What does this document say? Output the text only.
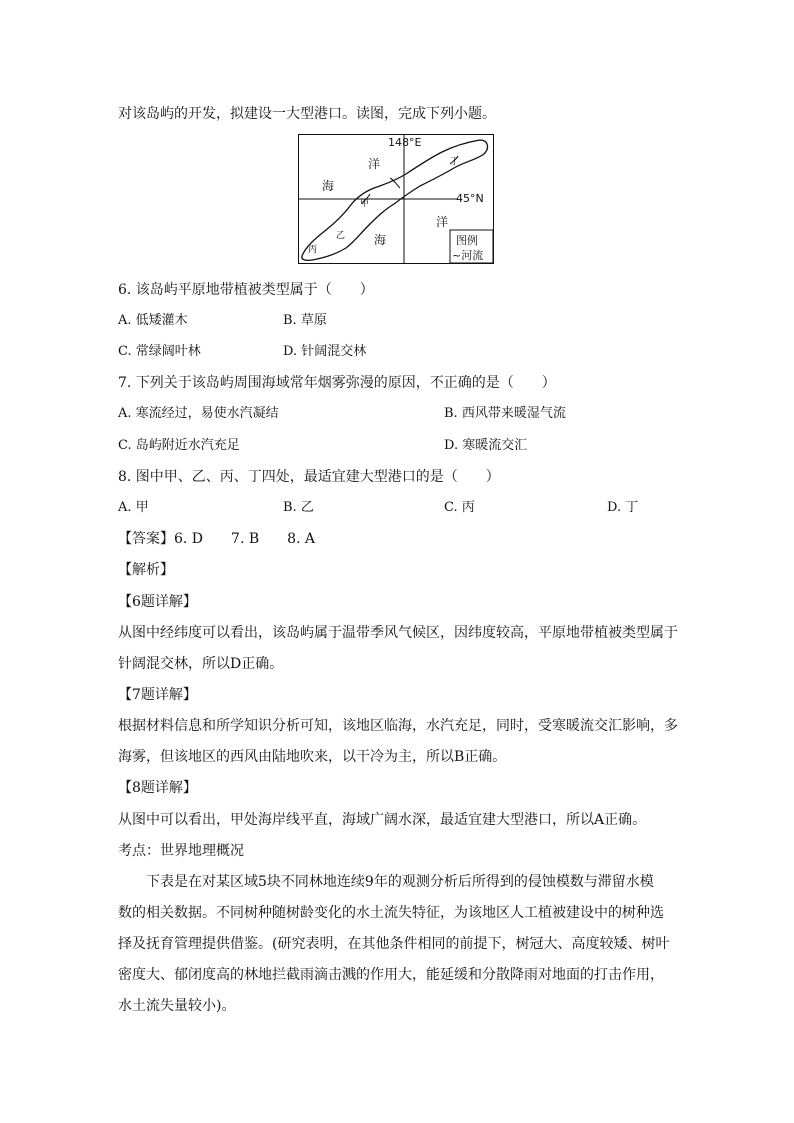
对该岛屿的开发，拟建设一大型港口。读图，完成下列小题。
148°E
45°N
洋
海
海
洋
甲
乙
丙
丁
图例
~河流
6. 该岛屿平原地带植被类型属于（　　）
A. 低矮灌木	B. 草原
C. 常绿阔叶林	D. 针阔混交林
7. 下列关于该岛屿周围海域常年烟雾弥漫的原因，不正确的是（　　）
A. 寒流经过，易使水汽凝结	B. 西风带来暖湿气流
C. 岛屿附近水汽充足	D. 寒暖流交汇
8. 图中甲、乙、丙、丁四处，最适宜建大型港口的是（　　）
A. 甲	B. 乙	C. 丙	D. 丁
【答案】6. D　　7. B　　8. A
【解析】
【6题详解】
从图中经纬度可以看出，该岛屿属于温带季风气候区，因纬度较高，平原地带植被类型属于
针阔混交林，所以D正确。
【7题详解】
根据材料信息和所学知识分析可知，该地区临海，水汽充足，同时，受寒暖流交汇影响，多
海雾，但该地区的西风由陆地吹来，以干冷为主，所以B正确。
【8题详解】
从图中可以看出，甲处海岸线平直，海域广阔水深，最适宜建大型港口，所以A正确。
考点：世界地理概况
　　下表是在对某区域5块不同林地连续9年的观测分析后所得到的侵蚀模数与滞留水模
数的相关数据。不同树种随树龄变化的水土流失特征，为该地区人工植被建设中的树种选
择及抚育管理提供借鉴。(研究表明，在其他条件相同的前提下，树冠大、高度较矮、树叶
密度大、郁闭度高的林地拦截雨滴击溅的作用大，能延缓和分散降雨对地面的打击作用，
水土流失量较小)。
